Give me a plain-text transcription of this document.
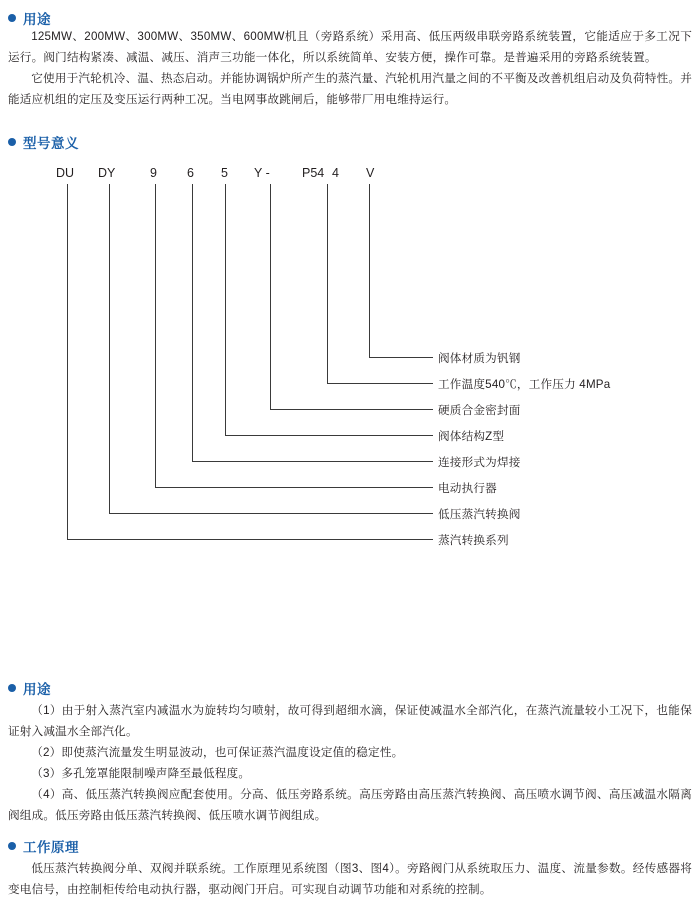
用途

125MW、200MW、300MW、350MW、600MW机且（旁路系统）采用高、低压两级串联旁路系统装置，它能适应于多工况下运行。阀门结构紧凑、减温、减压、消声三功能一体化，所以系统简单、安装方便，操作可靠。是普遍采用的旁路系统装置。

它使用于汽轮机冷、温、热态启动。并能协调锅炉所产生的蒸汽量、汽轮机用汽量之间的不平衡及改善机组启动及负荷特性。并能适应机组的定压及变压运行两种工况。当电网事故跳闸后，能够带厂用电维持运行。

型号意义
DU DY	9 6 5 Y -	P54 4 V
阀体材质为钒钢
工作温度540℃，工作压力 4MPa
硬质合金密封面
阀体结构Z型
连接形式为焊接
电动执行器
低压蒸汽转换阀
蒸汽转换系列
用途

（1）由于射入蒸汽室内减温水为旋转均匀喷射，故可得到超细水滴，保证使减温水全部汽化，在蒸汽流量较小工况下，也能保证射入减温水全部汽化。

（2）即使蒸汽流量发生明显波动，也可保证蒸汽温度设定值的稳定性。

（3）多孔笼罩能限制噪声降至最低程度。

（4）高、低压蒸汽转换阀应配套使用。分高、低压旁路系统。高压旁路由高压蒸汽转换阀、高压喷水调节阀、高压减温水隔离阀组成。低压旁路由低压蒸汽转换阀、低压喷水调节阀组成。

工作原理

低压蒸汽转换阀分单、双阀并联系统。工作原理见系统图（图3、图4）。旁路阀门从系统取压力、温度、流量参数。经传感器将变电信号，由控制柜传给电动执行器，驱动阀门开启。可实现自动调节功能和对系统的控制。
